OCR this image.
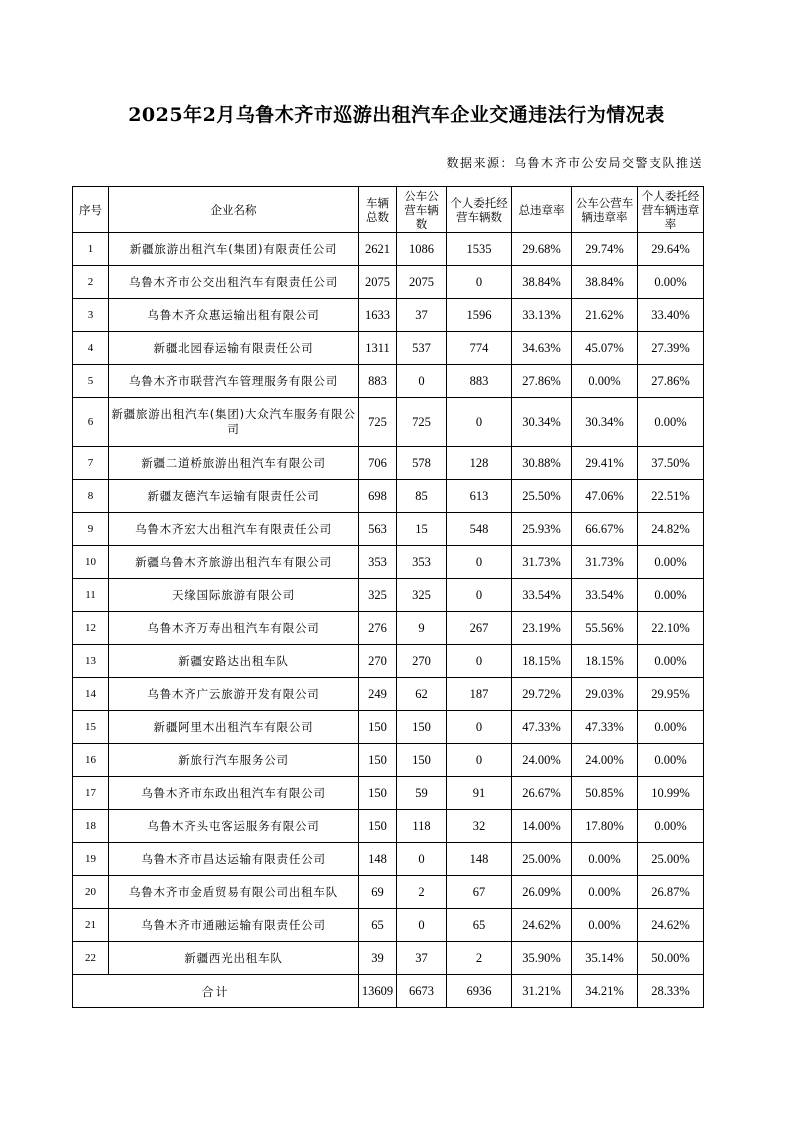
2025年2月乌鲁木齐市巡游出租汽车企业交通违法行为情况表
数据来源：乌鲁木齐市公安局交警支队推送
序号	企业名称	车辆总数	公车公营车辆数	个人委托经营车辆数	总违章率	公车公营车辆违章率	个人委托经营车辆违章率
1	新疆旅游出租汽车(集团)有限责任公司	2621	1086	1535	29.68%	29.74%	29.64%
2	乌鲁木齐市公交出租汽车有限责任公司	2075	2075	0	38.84%	38.84%	0.00%
3	乌鲁木齐众惠运输出租有限公司	1633	37	1596	33.13%	21.62%	33.40%
4	新疆北园春运输有限责任公司	1311	537	774	34.63%	45.07%	27.39%
5	乌鲁木齐市联营汽车管理服务有限公司	883	0	883	27.86%	0.00%	27.86%
6	新疆旅游出租汽车(集团)大众汽车服务有限公司	725	725	0	30.34%	30.34%	0.00%
7	新疆二道桥旅游出租汽车有限公司	706	578	128	30.88%	29.41%	37.50%
8	新疆友德汽车运输有限责任公司	698	85	613	25.50%	47.06%	22.51%
9	乌鲁木齐宏大出租汽车有限责任公司	563	15	548	25.93%	66.67%	24.82%
10	新疆乌鲁木齐旅游出租汽车有限公司	353	353	0	31.73%	31.73%	0.00%
11	天缘国际旅游有限公司	325	325	0	33.54%	33.54%	0.00%
12	乌鲁木齐万寿出租汽车有限公司	276	9	267	23.19%	55.56%	22.10%
13	新疆安路达出租车队	270	270	0	18.15%	18.15%	0.00%
14	乌鲁木齐广云旅游开发有限公司	249	62	187	29.72%	29.03%	29.95%
15	新疆阿里木出租汽车有限公司	150	150	0	47.33%	47.33%	0.00%
16	新旅行汽车服务公司	150	150	0	24.00%	24.00%	0.00%
17	乌鲁木齐市东政出租汽车有限公司	150	59	91	26.67%	50.85%	10.99%
18	乌鲁木齐头屯客运服务有限公司	150	118	32	14.00%	17.80%	0.00%
19	乌鲁木齐市昌达运输有限责任公司	148	0	148	25.00%	0.00%	25.00%
20	乌鲁木齐市金盾贸易有限公司出租车队	69	2	67	26.09%	0.00%	26.87%
21	乌鲁木齐市通融运输有限责任公司	65	0	65	24.62%	0.00%	24.62%
22	新疆西光出租车队	39	37	2	35.90%	35.14%	50.00%
合计		13609	6673	6936	31.21%	34.21%	28.33%
